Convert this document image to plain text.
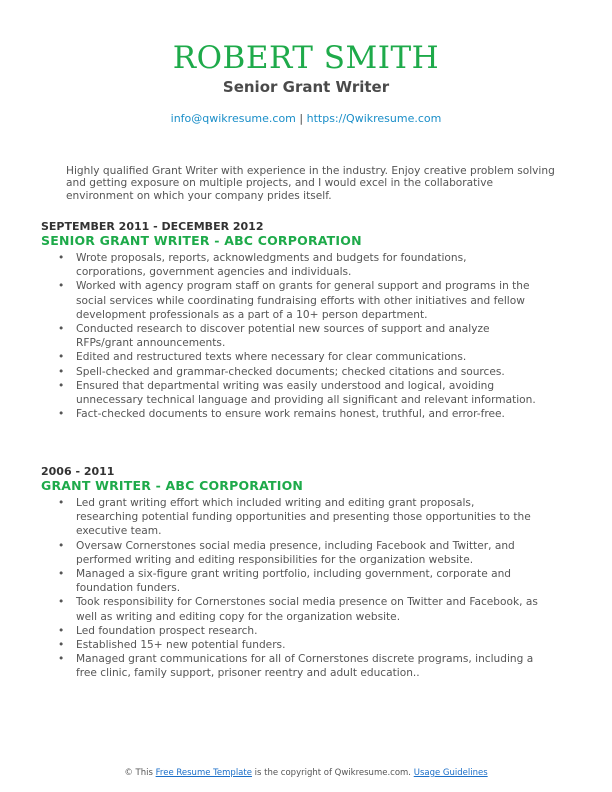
ROBERT SMITH
Senior Grant Writer
info@qwikresume.com | https://Qwikresume.com
Highly qualified Grant Writer with experience in the industry. Enjoy creative problem solving and getting exposure on multiple projects, and I would excel in the collaborative environment on which your company prides itself.
SEPTEMBER 2011 - DECEMBER 2012
SENIOR GRANT WRITER - ABC CORPORATION
• Wrote proposals, reports, acknowledgments and budgets for foundations, corporations, government agencies and individuals.
• Worked with agency program staff on grants for general support and programs in the social services while coordinating fundraising efforts with other initiatives and fellow development professionals as a part of a 10+ person department.
• Conducted research to discover potential new sources of support and analyze RFPs/grant announcements.
• Edited and restructured texts where necessary for clear communications.
• Spell-checked and grammar-checked documents; checked citations and sources.
• Ensured that departmental writing was easily understood and logical, avoiding unnecessary technical language and providing all significant and relevant information.
• Fact-checked documents to ensure work remains honest, truthful, and error-free.
2006 - 2011
GRANT WRITER - ABC CORPORATION
• Led grant writing effort which included writing and editing grant proposals, researching potential funding opportunities and presenting those opportunities to the executive team.
• Oversaw Cornerstones social media presence, including Facebook and Twitter, and performed writing and editing responsibilities for the organization website.
• Managed a six-figure grant writing portfolio, including government, corporate and foundation funders.
• Took responsibility for Cornerstones social media presence on Twitter and Facebook, as well as writing and editing copy for the organization website.
• Led foundation prospect research.
• Established 15+ new potential funders.
• Managed grant communications for all of Cornerstones discrete programs, including a free clinic, family support, prisoner reentry and adult education..
© This Free Resume Template is the copyright of Qwikresume.com. Usage Guidelines
